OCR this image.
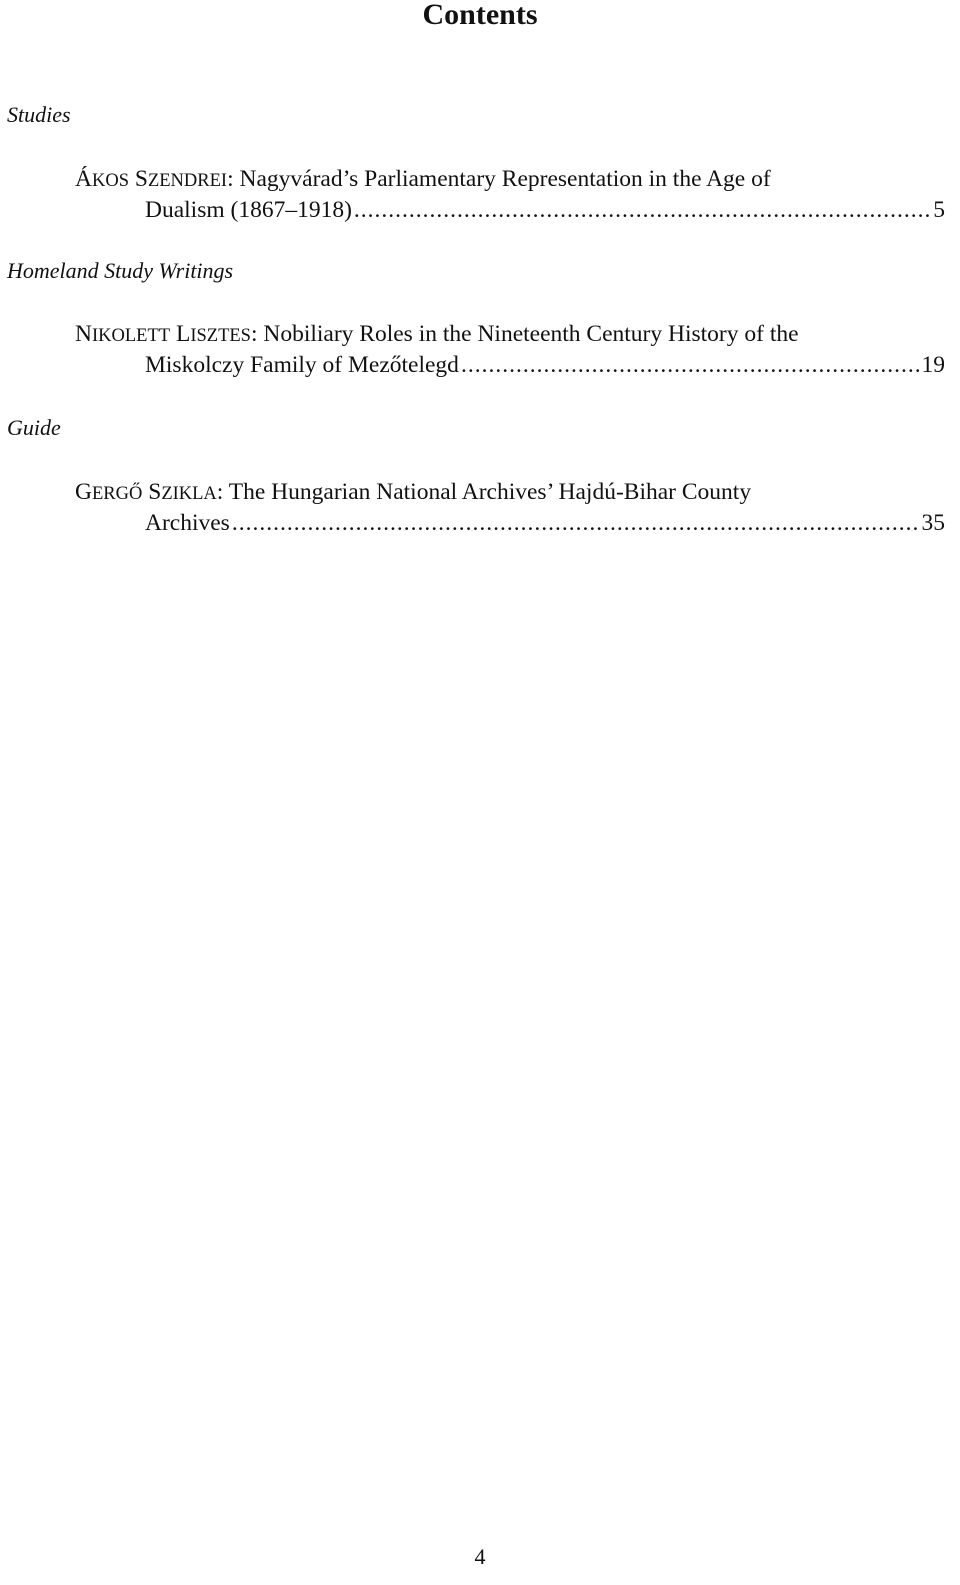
Contents
Studies
ÁKOS SZENDREI: Nagyvárad’s Parliamentary Representation in the Age of
Dualism (1867–1918) .....	5
Homeland Study Writings
NIKOLETT LISZTES: Nobiliary Roles in the Nineteenth Century History of the
Miskolczy Family of Mezőtelegd .....	19
Guide
GERGŐ SZIKLA: The Hungarian National Archives’ Hajdú-Bihar County
Archives .....	35
4
